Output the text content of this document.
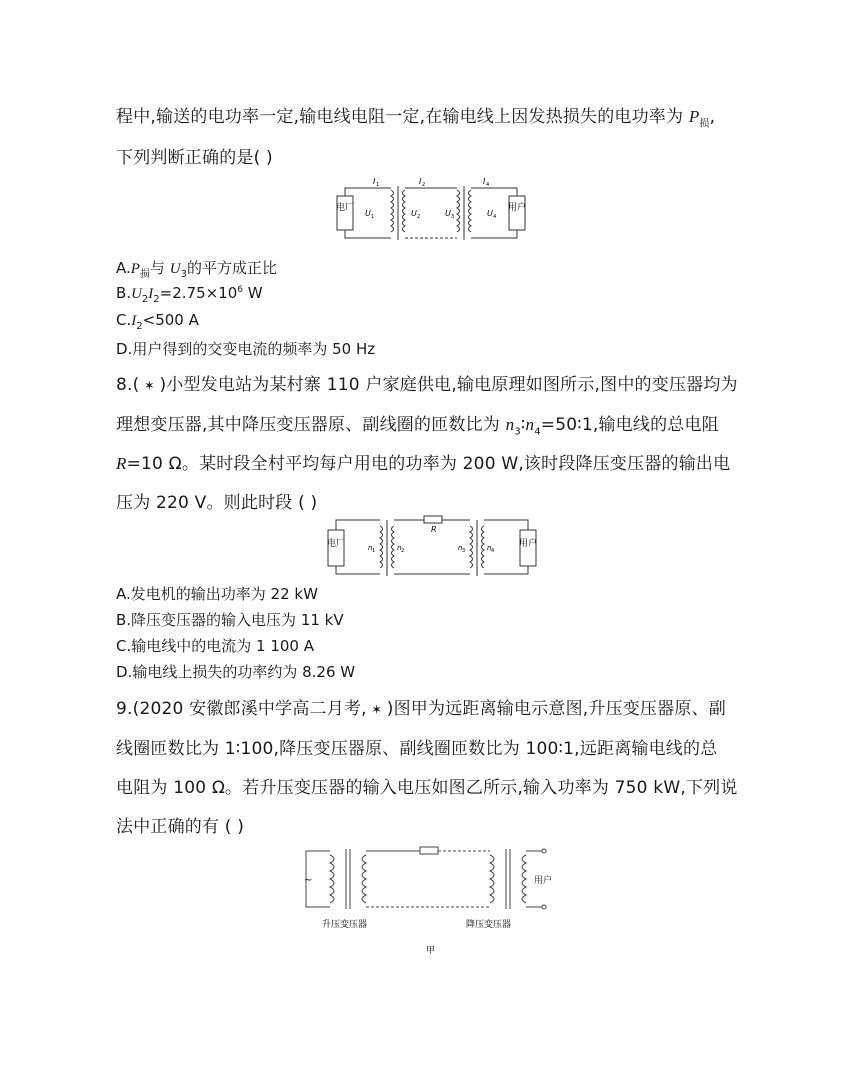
程中,输送的电功率一定,输电线电阻一定,在输电线上因发热损失的电功率为 $P_损$,
下列判断正确的是( )
电厂	用户
I 1	I 2	I 4
U 1	U 2	U 3	U 4
$A.P_损$与 $U_3$的平方成正比
$B.U_2I_2=2.75\times 10^6$ W
$C.I_2<500$ A
D.用户得到的交变电流的频率为 50 Hz
8.( ✶ )小型发电站为某村寨 110 户家庭供电,输电原理如图所示,图中的变压器均为
理想变压器,其中降压变压器原、副线圈的匝数比为 $n_3∶n_4=50∶1$,输电线的总电阻
R=10 Ω。某时段全村平均每户用电的功率为 200 W,该时段降压变压器的输出电
压为 220 V。则此时段 ( )
电厂
R
用户
n 1	n 2	n 3	n 4
A.发电机的输出功率为 22 kW
B.降压变压器的输入电压为 11 kV
C.输电线中的电流为 1 100 A
D.输电线上损失的功率约为 8.26 W
9.(2020 安徽郎溪中学高二月考, ✶ )图甲为远距离输电示意图,升压变压器原、副
线圈匝数比为 1∶100,降压变压器原、副线圈匝数比为 100∶1,远距离输电线的总
电阻为 100 Ω。若升压变压器的输入电压如图乙所示,输入功率为 750 kW,下列说
法中正确的有 ( )
~	用户
升压变压器	降压变压器
甲
